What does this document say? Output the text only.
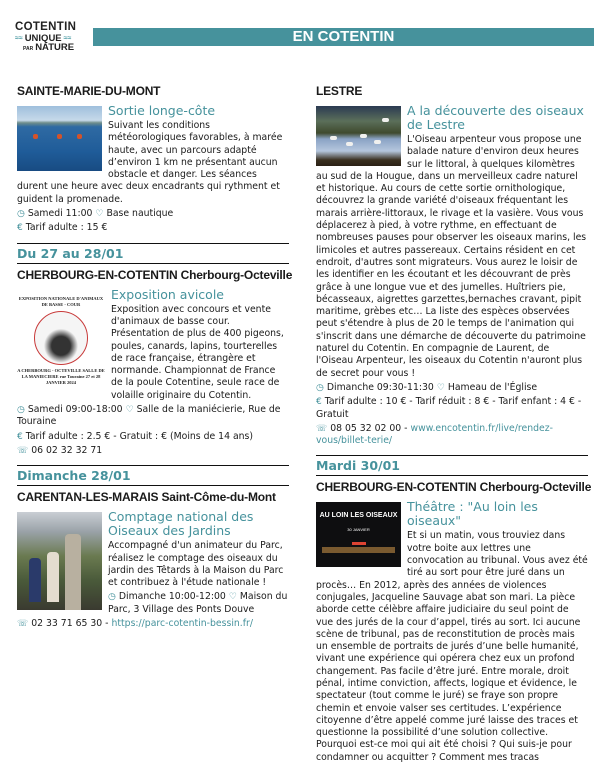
COTENTIN
≈≈ UNIQUE ≈≈
PAR NATURE
EN COTENTIN
SAINTE-MARIE-DU-MONT
Sortie longe-côte
Suivant les conditions météorologiques favorables, à marée haute, avec un parcours adapté d’environ 1 km ne présentant aucun obstacle et danger. Les séances durent une heure avec deux encadrants qui rythment et guident la promenade.
◷ Samedi 11:00 ♡ Base nautique
€ Tarif adulte : 15 €
Du 27 au 28/01
CHERBOURG-EN-COTENTIN Cherbourg-Octeville
EXPOSITION NATIONALE D'ANIMAUX DE BASSE - COUR
A CHERBOURG - OCTEVILLE SALLE DE LA MANIECIERE rue Touraine 27 et 28 JANVIER 2024
Exposition avicole
Exposition avec concours et vente d'animaux de basse cour. Présentation de plus de 400 pigeons, poules, canards, lapins, tourterelles de race française, étrangère et normande. Championnat de France de la poule Cotentine, seule race de volaille originaire du Cotentin.
◷ Samedi 09:00-18:00 ♡ Salle de la maniécierie, Rue de Touraine
€ Tarif adulte : 2.5 € - Gratuit : € (Moins de 14 ans)
☏ 06 02 32 32 71
Dimanche 28/01
CARENTAN-LES-MARAIS Saint-Côme-du-Mont
Comptage national des Oiseaux des Jardins
Accompagné d'un animateur du Parc, réalisez le comptage des oiseaux du jardin des Têtards à la Maison du Parc et contribuez à l'étude nationale !
◷ Dimanche 10:00-12:00 ♡ Maison du Parc, 3 Village des Ponts Douve
☏ 02 33 71 65 30 - https://parc-cotentin-bessin.fr/
LESTRE
A la découverte des oiseaux de Lestre
L'Oiseau arpenteur vous propose une balade nature d'environ deux heures sur le littoral, à quelques kilomètres au sud de la Hougue, dans un merveilleux cadre naturel et historique. Au cours de cette sortie ornithologique, découvrez la grande variété d'oiseaux fréquentant les marais arrière-littoraux, le rivage et la vasière. Vous vous déplacerez à pied, à votre rythme, en effectuant de nombreuses pauses pour observer les oiseaux marins, les limicoles et autres passereaux. Certains résident en cet endroit, d'autres sont migrateurs. Vous aurez le loisir de les identifier en les écoutant et les découvrant de près grâce à une longue vue et des jumelles. Huîtriers pie, bécasseaux, aigrettes garzettes,bernaches cravant, pipit maritime, grèbes etc… La liste des espèces observées peut s'étendre à plus de 20 le temps de l'animation qui s'inscrit dans une démarche de découverte du patrimoine naturel du Cotentin. En compagnie de Laurent, de l'Oiseau Arpenteur, les oiseaux du Cotentin n'auront plus de secret pour vous !
◷ Dimanche 09:30-11:30 ♡ Hameau de l'Église
€ Tarif adulte : 10 € - Tarif réduit : 8 € - Tarif enfant : 4 € - Gratuit
☏ 08 05 32 02 00 - www.encotentin.fr/live/rendez-vous/billet-terie/
Mardi 30/01
CHERBOURG-EN-COTENTIN Cherbourg-Octeville
AU LOIN LES OISEAUX
30 JANVIER
Théâtre : "Au loin les oiseaux"
Et si un matin, vous trouviez dans votre boite aux lettres une convocation au tribunal. Vous avez été tiré au sort pour être juré dans un procès… En 2012, après des années de violences conjugales, Jacqueline Sauvage abat son mari. La pièce aborde cette célèbre affaire judiciaire du seul point de vue des jurés de la cour d’appel, tirés au sort. Ici aucune scène de tribunal, pas de reconstitution de procès mais un ensemble de portraits de jurés d’une belle humanité, vivant une expérience qui opérera chez eux un profond changement. Pas facile d’être juré. Entre morale, droit pénal, intime conviction, affects, logique et évidence, le spectateur (tout comme le juré) se fraye son propre chemin et envoie valser ses certitudes. L’expérience citoyenne d’être appelé comme juré laisse des traces et questionne la possibilité d’une solution collective. Pourquoi est-ce moi qui ait été choisi ? Qui suis-je pour condamner ou acquitter ? Comment mes tracas
